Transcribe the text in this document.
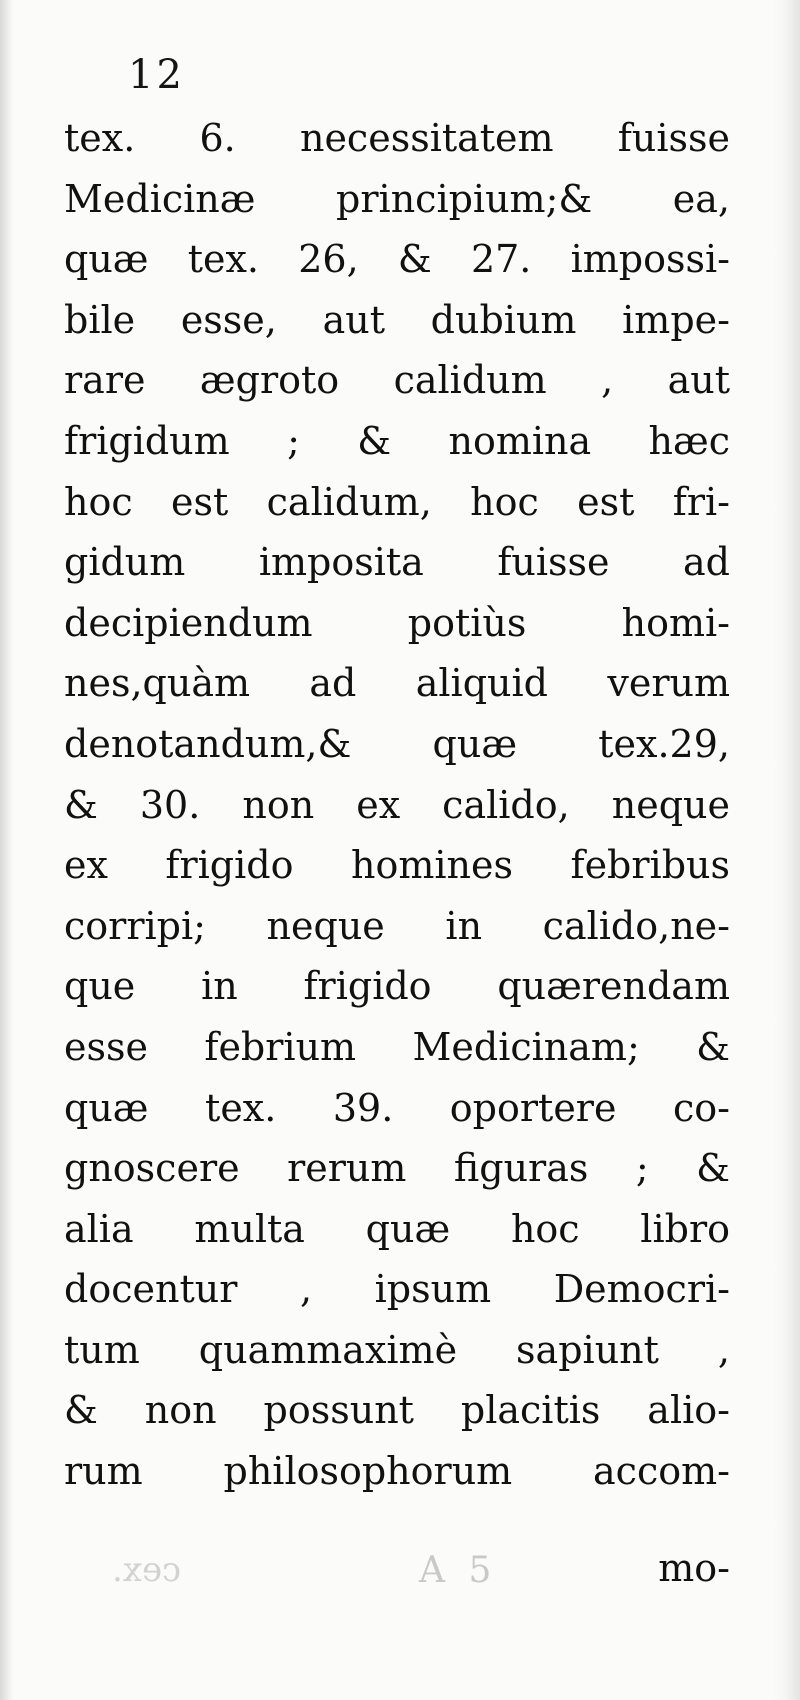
12
tex. 6. necessitatem fuisse
Medicinæ principium;& ea,
quæ tex. 26, & 27. impossi-
bile esse, aut dubium impe-
rare ægroto calidum , aut
frigidum ; & nomina hæc
hoc est calidum, hoc est fri-
gidum imposita fuisse ad
decipiendum potiùs homi-
nes,quàm ad aliquid verum
denotandum,& quæ tex.29,
& 30. non ex calido, neque
ex frigido homines febribus
corripi; neque in calido,ne-
que in frigido quærendam
esse febrium Medicinam; &
quæ tex. 39. oportere co-
gnoscere rerum figuras ; &
alia multa quæ hoc libro
docentur , ipsum Democri-
tum quammaximè sapiunt ,
& non possunt placitis alio-
rum philosophorum accom-
cex.	A 5	mo-
